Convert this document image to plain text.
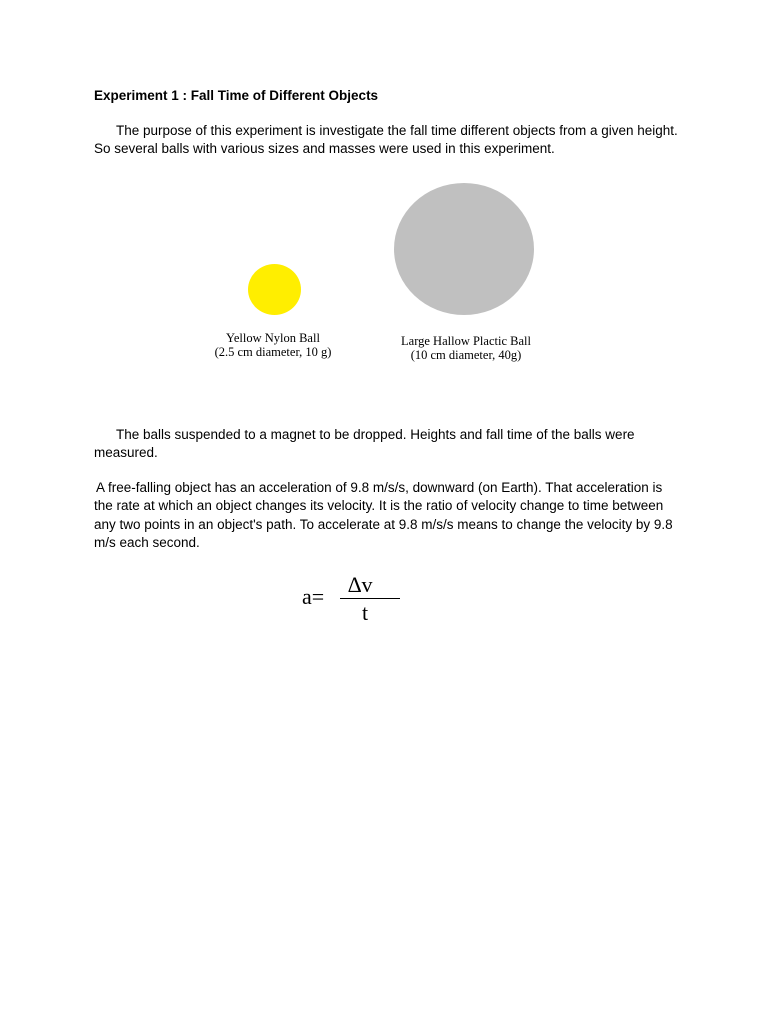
Experiment 1 : Fall Time of Different Objects

The purpose of this experiment is investigate the fall time different objects from a given height. So several balls with various sizes and masses were used in this experiment.

Yellow Nylon Ball
(2.5 cm diameter, 10 g)
Large Hallow Plactic Ball
(10 cm diameter, 40g)

The balls suspended to a magnet to be dropped. Heights and fall time of the balls were measured.

A free-falling object has an acceleration of 9.8 m/s/s, downward (on Earth). That acceleration is the rate at which an object changes its velocity. It is the ratio of velocity change to time between any two points in an object's path. To accelerate at 9.8 m/s/s means to change the velocity by 9.8 m/s each second.

a= ∆v
t
